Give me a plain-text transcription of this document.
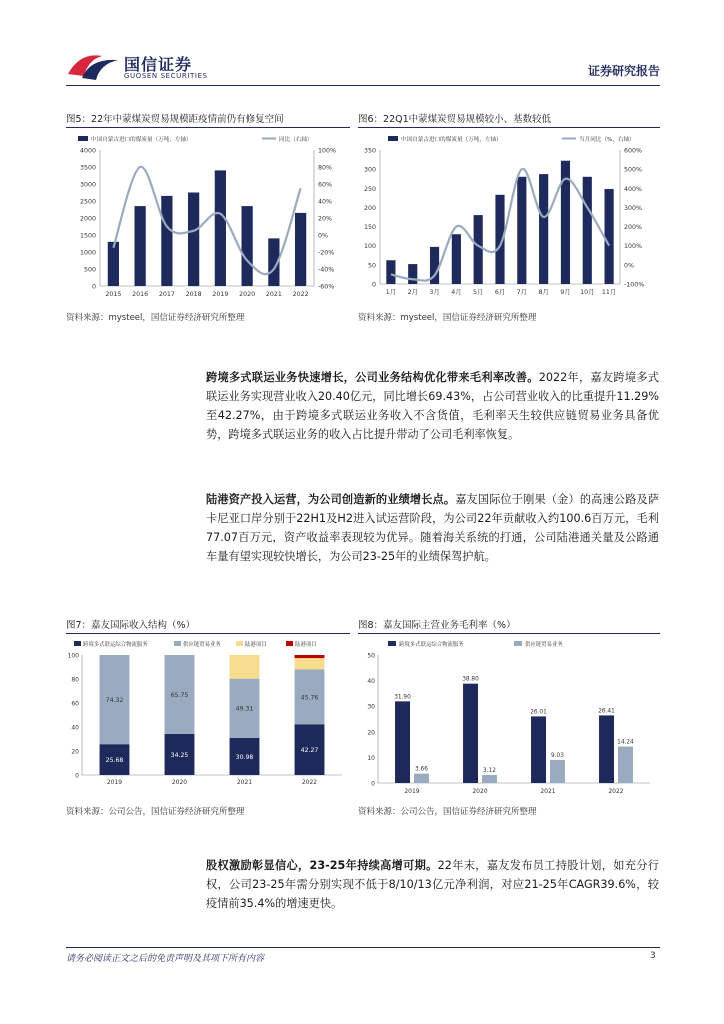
国信证券
GUOSEN SECURITIES	证券研究报告
图5：22年中蒙煤炭贸易规模距疫情前仍有修复空间
0
500
1000
1500
2000
2500
3000
3500
4000
-60%
-40%
-20%
0%
20%
40%
60%
80%
100%
2015 2016 2017 2018 2019 2020 2021 2022
中国自蒙古进口的煤炭量（万吨，左轴）	同比（右轴）
资料来源：mysteel，国信证券经济研究所整理
图6：22Q1中蒙煤炭贸易规模较小、基数较低
0
50
100
150
200
250
300
350
-100%
0%
100%
200%
300%
400%
500%
600%
1月 2月 3月 4月 5月 6月 7月 8月 9月 10月 11月
中国自蒙古进口的煤炭量（万吨，左轴）	当月同比（%，右轴）
资料来源：mysteel，国信证券经济研究所整理

跨境多式联运业务快速增长，公司业务结构优化带来毛利率改善。2022年，嘉友跨境多式联运业务实现营业收入20.40亿元，同比增长69.43%，占公司营业收入的比重提升11.29%至42.27%，由于跨境多式联运业务收入不含货值，毛利率天生较供应链贸易业务具备优势，跨境多式联运业务的收入占比提升带动了公司毛利率恢复。

陆港资产投入运营，为公司创造新的业绩增长点。嘉友国际位于刚果（金）的高速公路及萨卡尼亚口岸分别于22H1及H2进入试运营阶段，为公司22年贡献收入约100.6百万元，毛利77.07百万元，资产收益率表现较为优异。随着海关系统的打通，公司陆港通关量及公路通车量有望实现较快增长，为公司23-25年的业绩保驾护航。

图7：嘉友国际收入结构（%）
0
20
40
60
80
100
25.68
74.32
2019
34.25
65.75
2020
30.98
49.31
2021
42.27
45.76
2022
跨境多式联运综合物流服务	供应链贸易业务	陆港项目	陆港项目
资料来源：公司公告，国信证券经济研究所整理
图8：嘉友国际主营业务毛利率（%）
0
10
20
30
40
50
31.90
3.66
2019
38.80
3.12
2020
26.01
9.03
2021
26.41
14.24
2022
跨境多式联运综合物流服务	供应链贸易业务
资料来源：公司公告，国信证券经济研究所整理

股权激励彰显信心，23-25年持续高增可期。22年末，嘉友发布员工持股计划，如充分行权，公司23-25年需分别实现不低于8/10/13亿元净利润，对应21-25年CAGR39.6%，较疫情前35.4%的增速更快。

请务必阅读正文之后的免责声明及其项下所有内容	3
